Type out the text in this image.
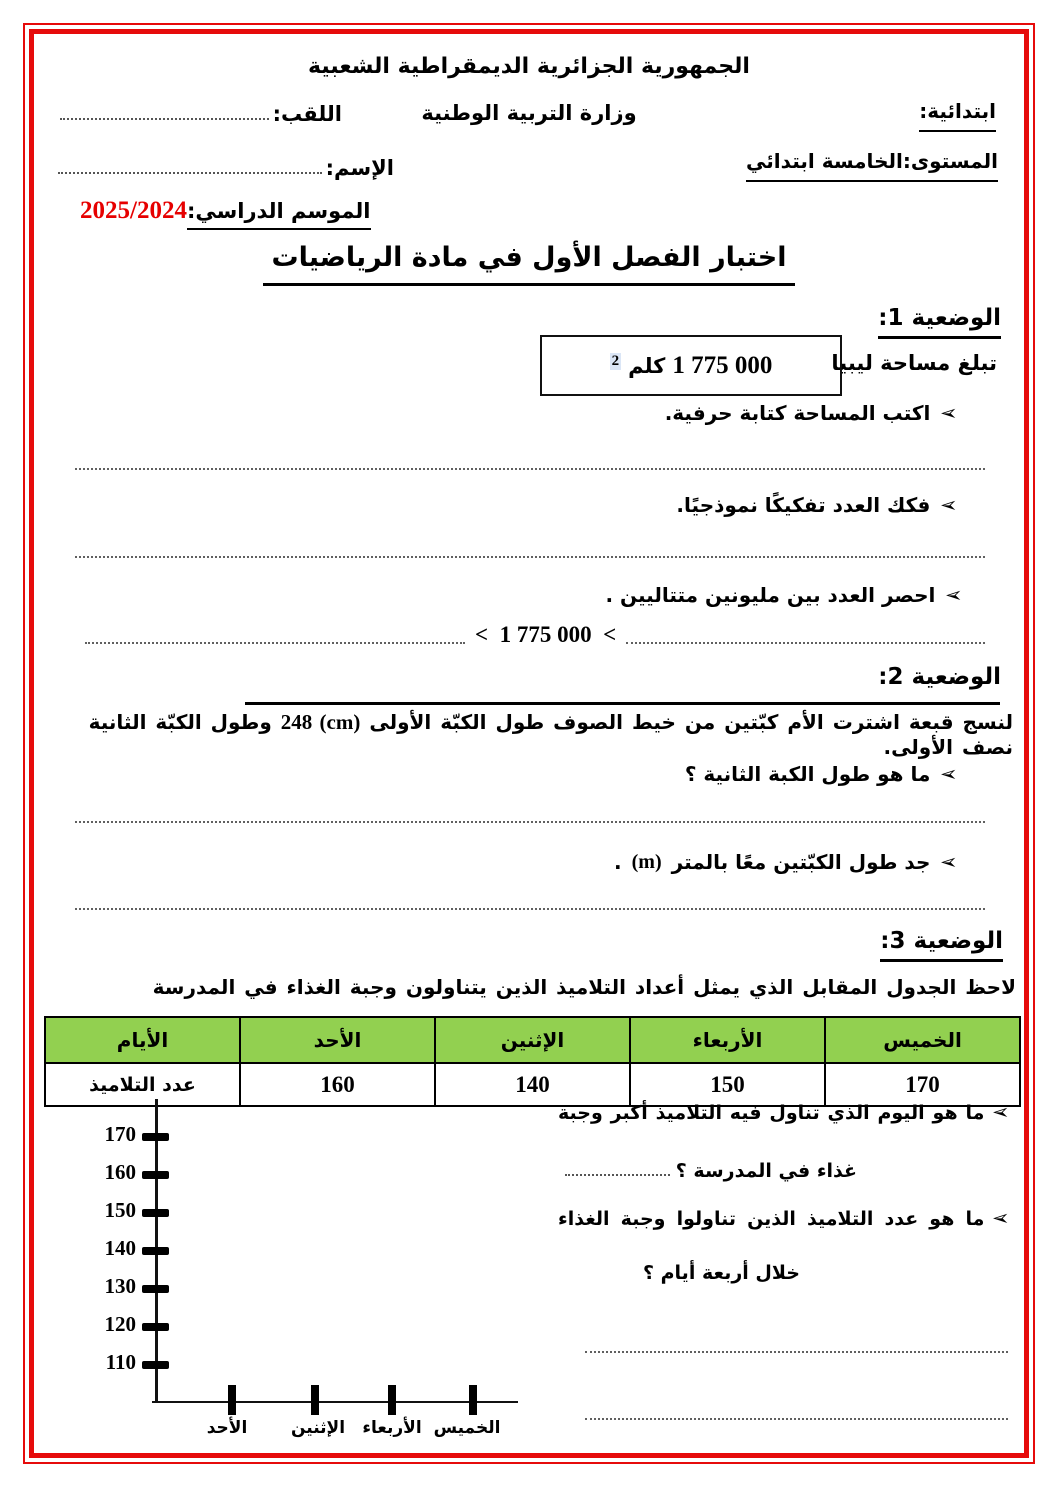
الجمهورية الجزائرية الديمقراطية الشعبية
ابتدائية:
وزارة التربية الوطنية
اللقب:
المستوى:الخامسة ابتدائي
الإسم:
الموسم الدراسي:
2025/2024
اختبار الفصل الأول في مادة الرياضيات
الوضعية 1:
تبلغ مساحة ليبيا
1 775 000
كلم
$^2$
➢
اكتب المساحة كتابة حرفية.
➢
فكك العدد تفكيكًا نموذجيًا.
➢
احصر العدد بين مليونين متتاليين .
<  1 775 000  <
الوضعية 2:
لنسج قبعة اشترت الأم كبّتين من خيط الصوف طول الكبّة الأولى 248 (cm) وطول الكبّة الثانية نصف الأولى.
➢
ما هو طول الكبة الثانية ؟
➢
جد طول الكبّتين معًا بالمتر
(m)
.
الوضعية 3:
لاحظ الجدول المقابل الذي يمثل أعداد التلاميذ الذين يتناولون وجبة الغذاء في المدرسة
الأيام	الأحد	الإثنين	الأربعاء	الخميس
عدد التلاميذ	160	140	150	170
170
160
150
140
130
120
110
الأحد	الإثنين	الأربعاء الخميس
➢
ما هو اليوم الذي تناول فيه التلاميذ أكبر وجبة
غذاء في المدرسة ؟
➢
ما هو عدد التلاميذ الذين تناولوا وجبة الغذاء
خلال أربعة أيام ؟
